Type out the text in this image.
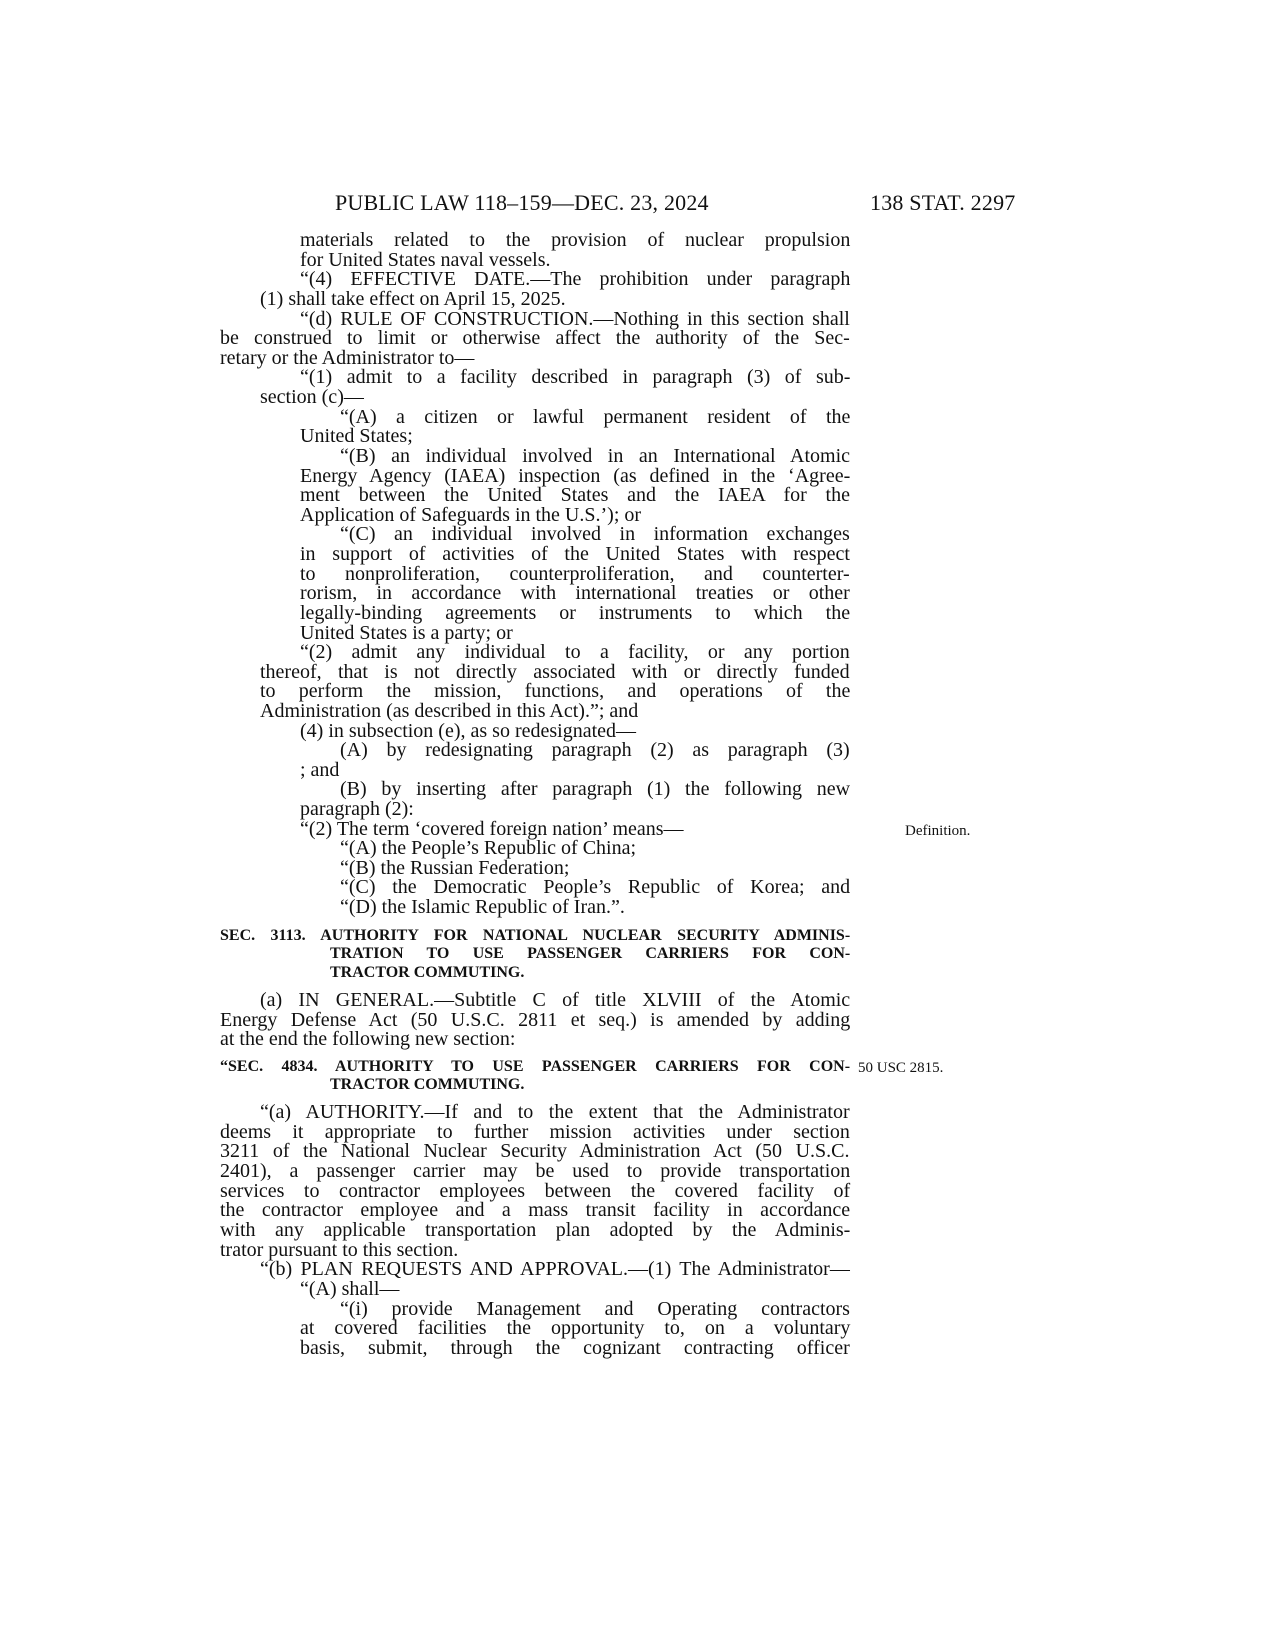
PUBLIC LAW 118–159—DEC. 23, 2024	138 STAT. 2297
materials related to the provision of nuclear propulsion
for United States naval vessels.
“(4) EFFECTIVE DATE.—The prohibition under paragraph
(1) shall take effect on April 15, 2025.
“(d) RULE OF CONSTRUCTION.—Nothing in this section shall
be construed to limit or otherwise affect the authority of the Sec-
retary or the Administrator to—
“(1) admit to a facility described in paragraph (3) of sub-
section (c)—
“(A) a citizen or lawful permanent resident of the
United States;
“(B) an individual involved in an International Atomic
Energy Agency (IAEA) inspection (as defined in the ‘Agree-
ment between the United States and the IAEA for the
Application of Safeguards in the U.S.’); or
“(C) an individual involved in information exchanges
in support of activities of the United States with respect
to nonproliferation, counterproliferation, and counterter-
rorism, in accordance with international treaties or other
legally-binding agreements or instruments to which the
United States is a party; or
“(2) admit any individual to a facility, or any portion
thereof, that is not directly associated with or directly funded
to perform the mission, functions, and operations of the
Administration (as described in this Act).”; and
(4) in subsection (e), as so redesignated—
(A) by redesignating paragraph (2) as paragraph (3)
; and
(B) by inserting after paragraph (1) the following new
paragraph (2):
“(2) The term ‘covered foreign nation’ means—
“(A) the People’s Republic of China;
“(B) the Russian Federation;
“(C) the Democratic People’s Republic of Korea; and
“(D) the Islamic Republic of Iran.”.
SEC. 3113. AUTHORITY FOR NATIONAL NUCLEAR SECURITY ADMINIS-
TRATION TO USE PASSENGER CARRIERS FOR CON-
TRACTOR COMMUTING.
(a) IN GENERAL.—Subtitle C of title XLVIII of the Atomic
Energy Defense Act (50 U.S.C. 2811 et seq.) is amended by adding
at the end the following new section:
“SEC. 4834. AUTHORITY TO USE PASSENGER CARRIERS FOR CON-
TRACTOR COMMUTING.
“(a) AUTHORITY.—If and to the extent that the Administrator
deems it appropriate to further mission activities under section
3211 of the National Nuclear Security Administration Act (50 U.S.C.
2401), a passenger carrier may be used to provide transportation
services to contractor employees between the covered facility of
the contractor employee and a mass transit facility in accordance
with any applicable transportation plan adopted by the Adminis-
trator pursuant to this section.
“(b) PLAN REQUESTS AND APPROVAL.—(1) The Administrator—
“(A) shall—
“(i) provide Management and Operating contractors
at covered facilities the opportunity to, on a voluntary
basis, submit, through the cognizant contracting officer
Definition.
50 USC 2815.
